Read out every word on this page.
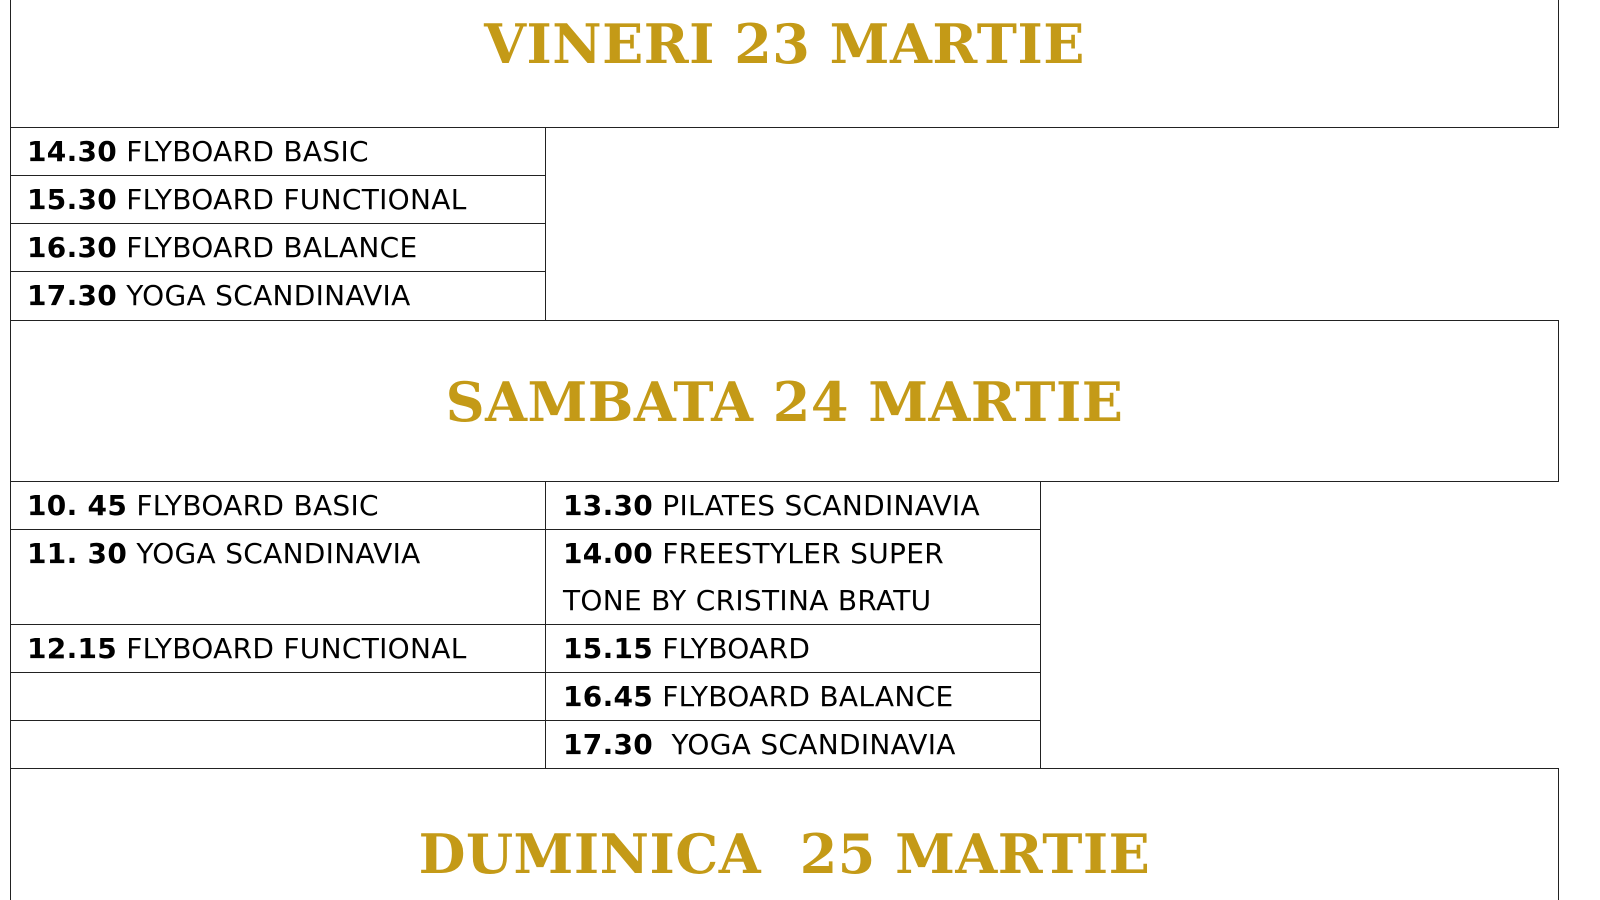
VINERI 23 MARTIE
14.30 FLYBOARD BASIC
15.30 FLYBOARD FUNCTIONAL
16.30 FLYBOARD BALANCE
17.30 YOGA SCANDINAVIA
SAMBATA 24 MARTIE
10. 45 FLYBOARD BASIC
11. 30 YOGA SCANDINAVIA
12.15 FLYBOARD FUNCTIONAL
13.30 PILATES SCANDINAVIA
14.00 FREESTYLER SUPER
TONE BY CRISTINA BRATU
15.15 FLYBOARD
16.45 FLYBOARD BALANCE
17.30  YOGA SCANDINAVIA
DUMINICA  25 MARTIE
